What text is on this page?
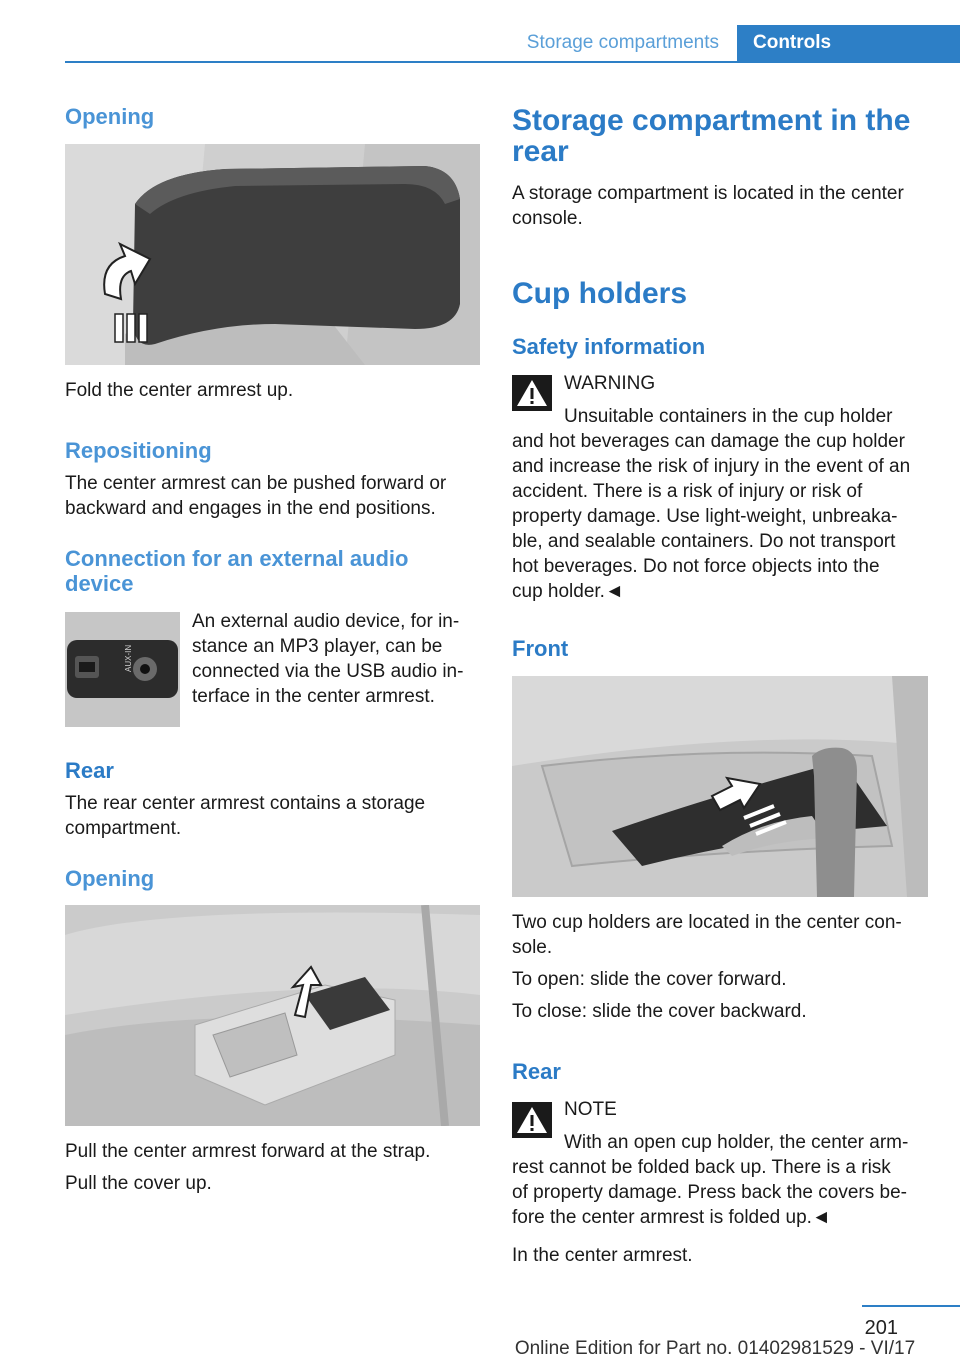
Storage compartments	Controls
Opening
Fold the center armrest up.
Repositioning
The center armrest can be pushed forward or backward and engages in the end positions.
Connection for an external audio
device
AUX-IN
An external audio device, for in-
stance an MP3 player, can be
connected via the USB audio in-
terface in the center armrest.
Rear
The rear center armrest contains a storage
compartment.
Opening
Pull the center armrest forward at the strap.
Pull the cover up.
Storage compartment in the
rear
A storage compartment is located in the center
console.
Cup holders
Safety information
WARNING
Unsuitable containers in the cup holder
and hot beverages can damage the cup holder
and increase the risk of injury in the event of an
accident. There is a risk of injury or risk of
property damage. Use light-weight, unbreaka-
ble, and sealable containers. Do not transport
hot beverages. Do not force objects into the
cup holder.◄
Front
Two cup holders are located in the center con-
sole.
To open: slide the cover forward.
To close: slide the cover backward.
Rear
NOTE
With an open cup holder, the center arm-
rest cannot be folded back up. There is a risk
of property damage. Press back the covers be-
fore the center armrest is folded up.◄
In the center armrest.
201
Online Edition for Part no. 01402981529 - VI/17
